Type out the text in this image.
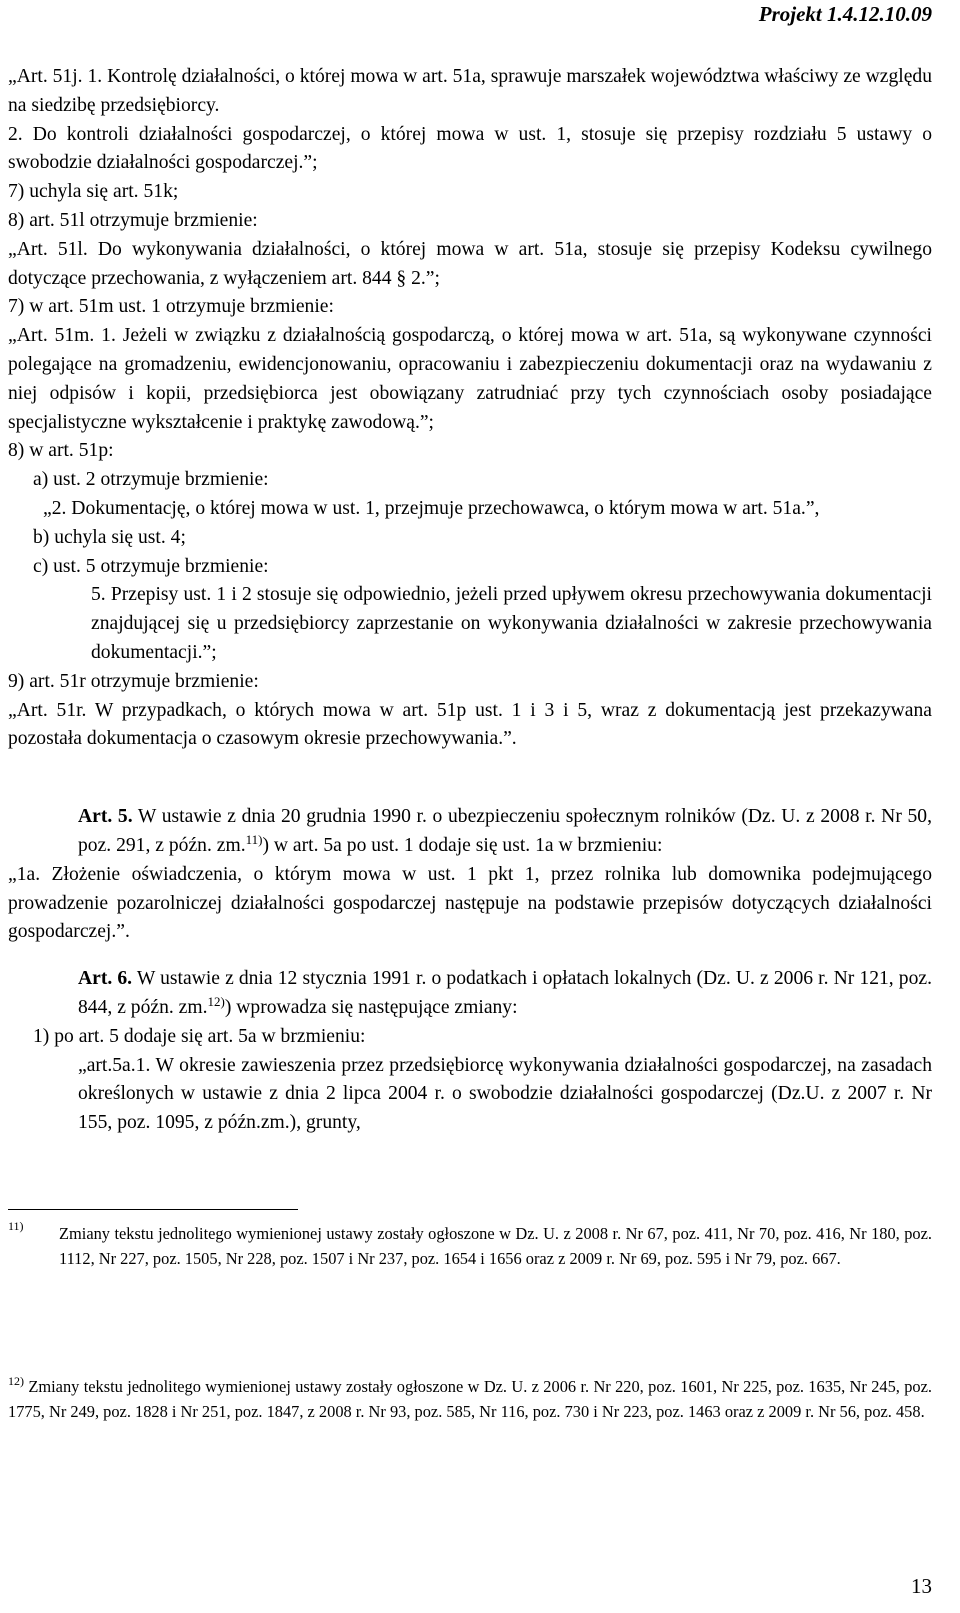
Projekt 1.4.12.10.09

„Art. 51j. 1. Kontrolę działalności, o której mowa w art. 51a, sprawuje marszałek województwa właściwy ze względu na siedzibę przedsiębiorcy.

2. Do kontroli działalności gospodarczej, o której mowa w ust. 1, stosuje się przepisy rozdziału 5 ustawy o swobodzie działalności gospodarczej.”;

7) uchyla się art. 51k;

8) art. 51l otrzymuje brzmienie:

„Art. 51l. Do wykonywania działalności, o której mowa w art. 51a, stosuje się przepisy Kodeksu cywilnego dotyczące przechowania, z wyłączeniem art. 844 § 2.”;

7) w art. 51m ust. 1 otrzymuje brzmienie:

„Art. 51m. 1. Jeżeli w związku z działalnością gospodarczą, o której mowa w art. 51a, są wykonywane czynności polegające na gromadzeniu, ewidencjonowaniu, opracowaniu i zabezpieczeniu dokumentacji oraz na wydawaniu z niej odpisów i kopii, przedsiębiorca jest obowiązany zatrudniać przy tych czynnościach osoby posiadające specjalistyczne wykształcenie i praktykę zawodową.”;

8) w art. 51p:

a) ust. 2 otrzymuje brzmienie:

„2. Dokumentację, o której mowa w ust. 1, przejmuje przechowawca, o którym mowa w art. 51a.”,

b) uchyla się ust. 4;

c) ust. 5 otrzymuje brzmienie:

5. Przepisy ust. 1 i 2 stosuje się odpowiednio, jeżeli przed upływem okresu przechowywania dokumentacji znajdującej się u przedsiębiorcy zaprzestanie on wykonywania działalności w zakresie przechowywania dokumentacji.”;

9) art. 51r otrzymuje brzmienie:

„Art. 51r. W przypadkach, o których mowa w art. 51p ust. 1 i 3 i 5, wraz z dokumentacją jest przekazywana pozostała dokumentacja o czasowym okresie przechowywania.”.

Art. 5. W ustawie z dnia 20 grudnia 1990 r. o ubezpieczeniu społecznym rolników (Dz. U. z 2008 r. Nr 50, poz. 291, z późn. zm.$^{11)}$) w art. 5a po ust. 1 dodaje się ust. 1a w brzmieniu:

„1a. Złożenie oświadczenia, o którym mowa w ust. 1 pkt 1, przez rolnika lub domownika podejmującego prowadzenie pozarolniczej działalności gospodarczej następuje na podstawie przepisów dotyczących działalności gospodarczej.”.

Art. 6. W ustawie z dnia 12 stycznia 1991 r. o podatkach i opłatach lokalnych (Dz. U. z 2006 r. Nr 121, poz. 844, z późn. zm.$^{12)}$) wprowadza się następujące zmiany:

1) po art. 5 dodaje się art. 5a w brzmieniu:

„art.5a.1. W okresie zawieszenia przez przedsiębiorcę wykonywania działalności gospodarczej, na zasadach określonych w ustawie z dnia 2 lipca 2004 r. o swobodzie działalności gospodarczej (Dz.U. z 2007 r. Nr 155, poz. 1095, z późn.zm.), grunty,

11)	Zmiany tekstu jednolitego wymienionej ustawy zostały ogłoszone w Dz. U. z 2008 r. Nr 67, poz. 411, Nr 70, poz. 416, Nr 180, poz. 1112, Nr 227, poz. 1505, Nr 228, poz. 1507 i Nr 237, poz. 1654 i 1656 oraz z 2009 r. Nr 69, poz. 595 i Nr 79, poz. 667.
$^{12)}$ Zmiany tekstu jednolitego wymienionej ustawy zostały ogłoszone w Dz. U. z 2006 r. Nr 220, poz. 1601, Nr 225, poz. 1635, Nr 245, poz. 1775, Nr 249, poz. 1828 i Nr 251, poz. 1847, z 2008 r. Nr 93, poz. 585, Nr 116, poz. 730 i Nr 223, poz. 1463 oraz z 2009 r. Nr 56, poz. 458.
13
